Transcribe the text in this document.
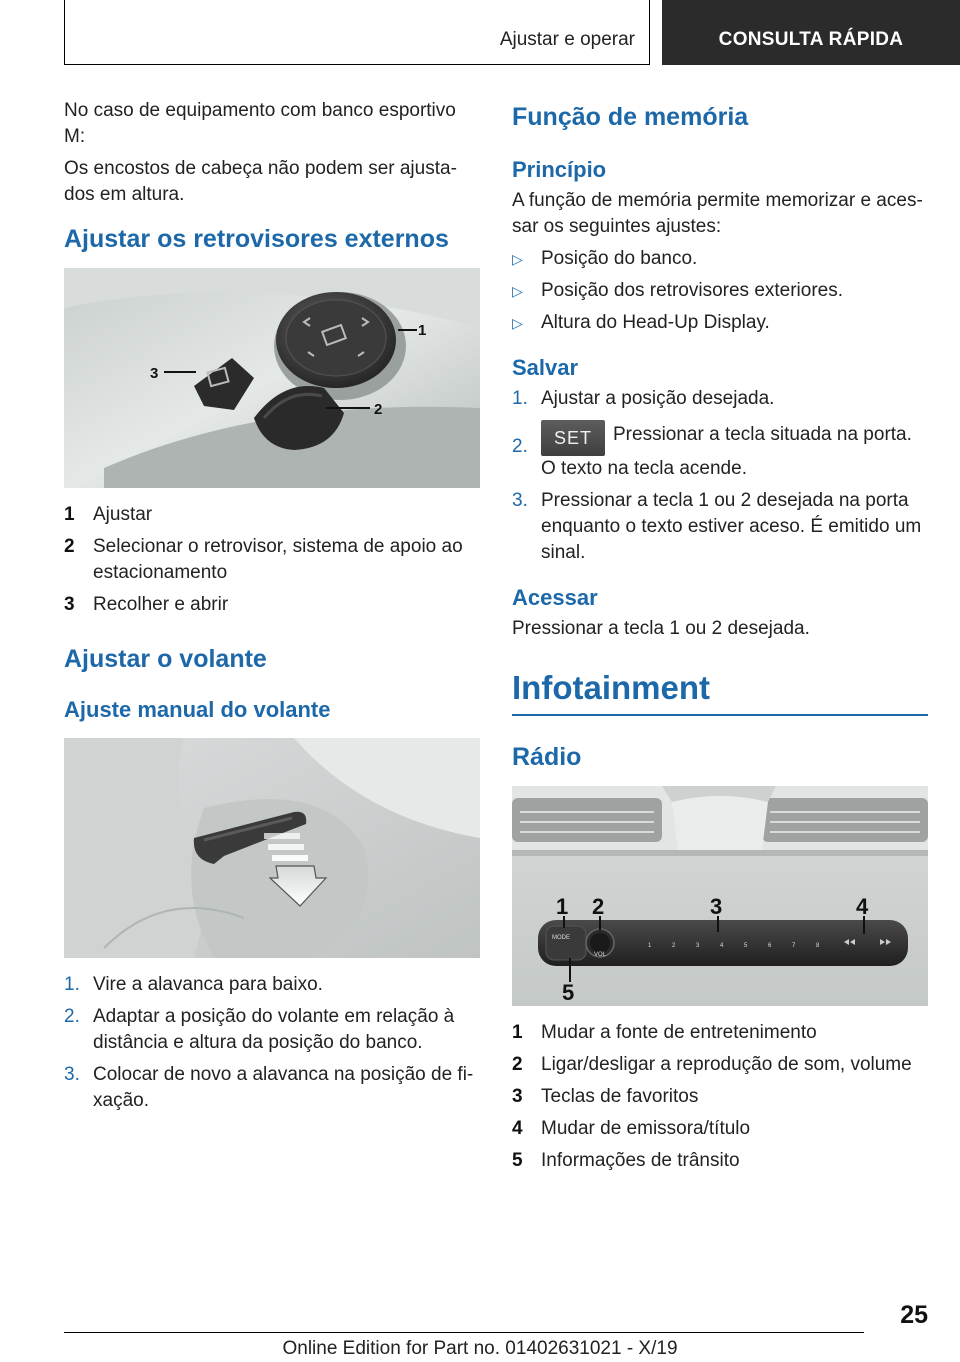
Ajustar e operar	CONSULTA RÁPIDA

No caso de equipamento com banco esportivo M:

Os encostos de cabeça não podem ser ajusta-dos em altura.

Ajustar os retrovisores externos
1
2
3
1 Ajustar
2 Selecionar o retrovisor, sistema de apoio ao estacionamento
3 Recolher e abrir
Ajustar o volante
Ajuste manual do volante
1. Vire a alavanca para baixo.
2. Adaptar a posição do volante em relação à distância e altura da posição do banco.
3. Colocar de novo a alavanca na posição de fi-xação.
Função de memória
Princípio

A função de memória permite memorizar e aces-sar os seguintes ajustes:

▷ Posição do banco.
▷ Posição dos retrovisores exteriores.
▷ Altura do Head-Up Display.
Salvar
1. Ajustar a posição desejada.
2. SET Pressionar a tecla situada na porta. O texto na tecla acende.
3. Pressionar a tecla 1 ou 2 desejada na porta enquanto o texto estiver aceso. É emitido um sinal.
Acessar

Pressionar a tecla 1 ou 2 desejada.

Infotainment
Rádio
MODE
VOL
1	2	3	4	5	6	7	8
1 2	3	4
5
1 Mudar a fonte de entretenimento
2 Ligar/desligar a reprodução de som, volume
3 Teclas de favoritos
4 Mudar de emissora/título
5 Informações de trânsito
25
Online Edition for Part no. 01402631021 - X/19
